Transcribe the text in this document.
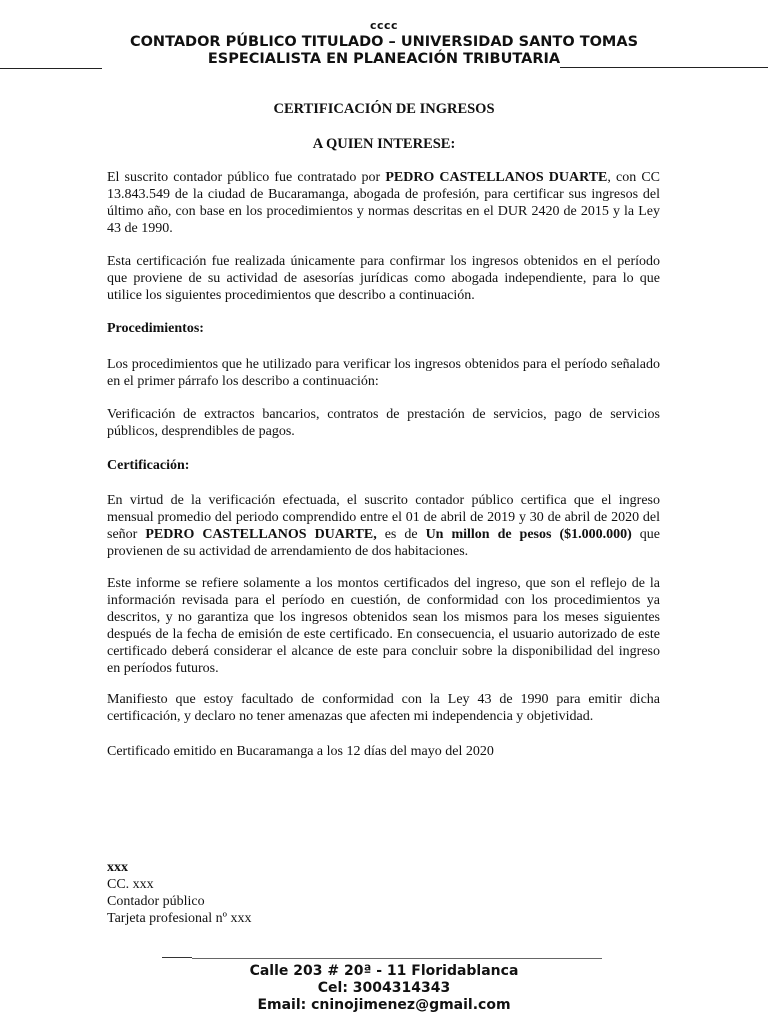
cccc
CONTADOR PÚBLICO TITULADO – UNIVERSIDAD SANTO TOMAS
ESPECIALISTA EN PLANEACIÓN TRIBUTARIA
CERTIFICACIÓN DE INGRESOS
A QUIEN INTERESE:

El suscrito contador público fue contratado por PEDRO CASTELLANOS DUARTE, con CC 13.843.549 de la ciudad de Bucaramanga, abogada de profesión, para certificar sus ingresos del último año, con base en los procedimientos y normas descritas en el DUR 2420 de 2015 y la Ley 43 de 1990.

Esta certificación fue realizada únicamente para confirmar los ingresos obtenidos en el período que proviene de su actividad de asesorías jurídicas como abogada independiente, para lo que utilice los siguientes procedimientos que describo a continuación.

Procedimientos:

Los procedimientos que he utilizado para verificar los ingresos obtenidos para el período señalado en el primer párrafo los describo a continuación:

Verificación de extractos bancarios, contratos de prestación de servicios, pago de servicios públicos, desprendibles de pagos.

Certificación:

En virtud de la verificación efectuada, el suscrito contador público certifica que el ingreso mensual promedio del periodo comprendido entre el 01 de abril de 2019 y 30 de abril de 2020 del señor PEDRO CASTELLANOS DUARTE, es de Un millon de pesos ($1.000.000) que provienen de su actividad de arrendamiento de dos habitaciones.

Este informe se refiere solamente a los montos certificados del ingreso, que son el reflejo de la información revisada para el período en cuestión, de conformidad con los procedimientos ya descritos, y no garantiza que los ingresos obtenidos sean los mismos para los meses siguientes después de la fecha de emisión de este certificado. En consecuencia, el usuario autorizado de este certificado deberá considerar el alcance de este para concluir sobre la disponibilidad del ingreso en períodos futuros.

Manifiesto que estoy facultado de conformidad con la Ley 43 de 1990 para emitir dicha certificación, y declaro no tener amenazas que afecten mi independencia y objetividad.

Certificado emitido en Bucaramanga a los 12 días del mayo del 2020

xxx
CC. xxx
Contador público
Tarjeta profesional nº xxx
Calle 203 # 20ª - 11 Floridablanca
Cel: 3004314343
Email: cninojimenez@gmail.com
